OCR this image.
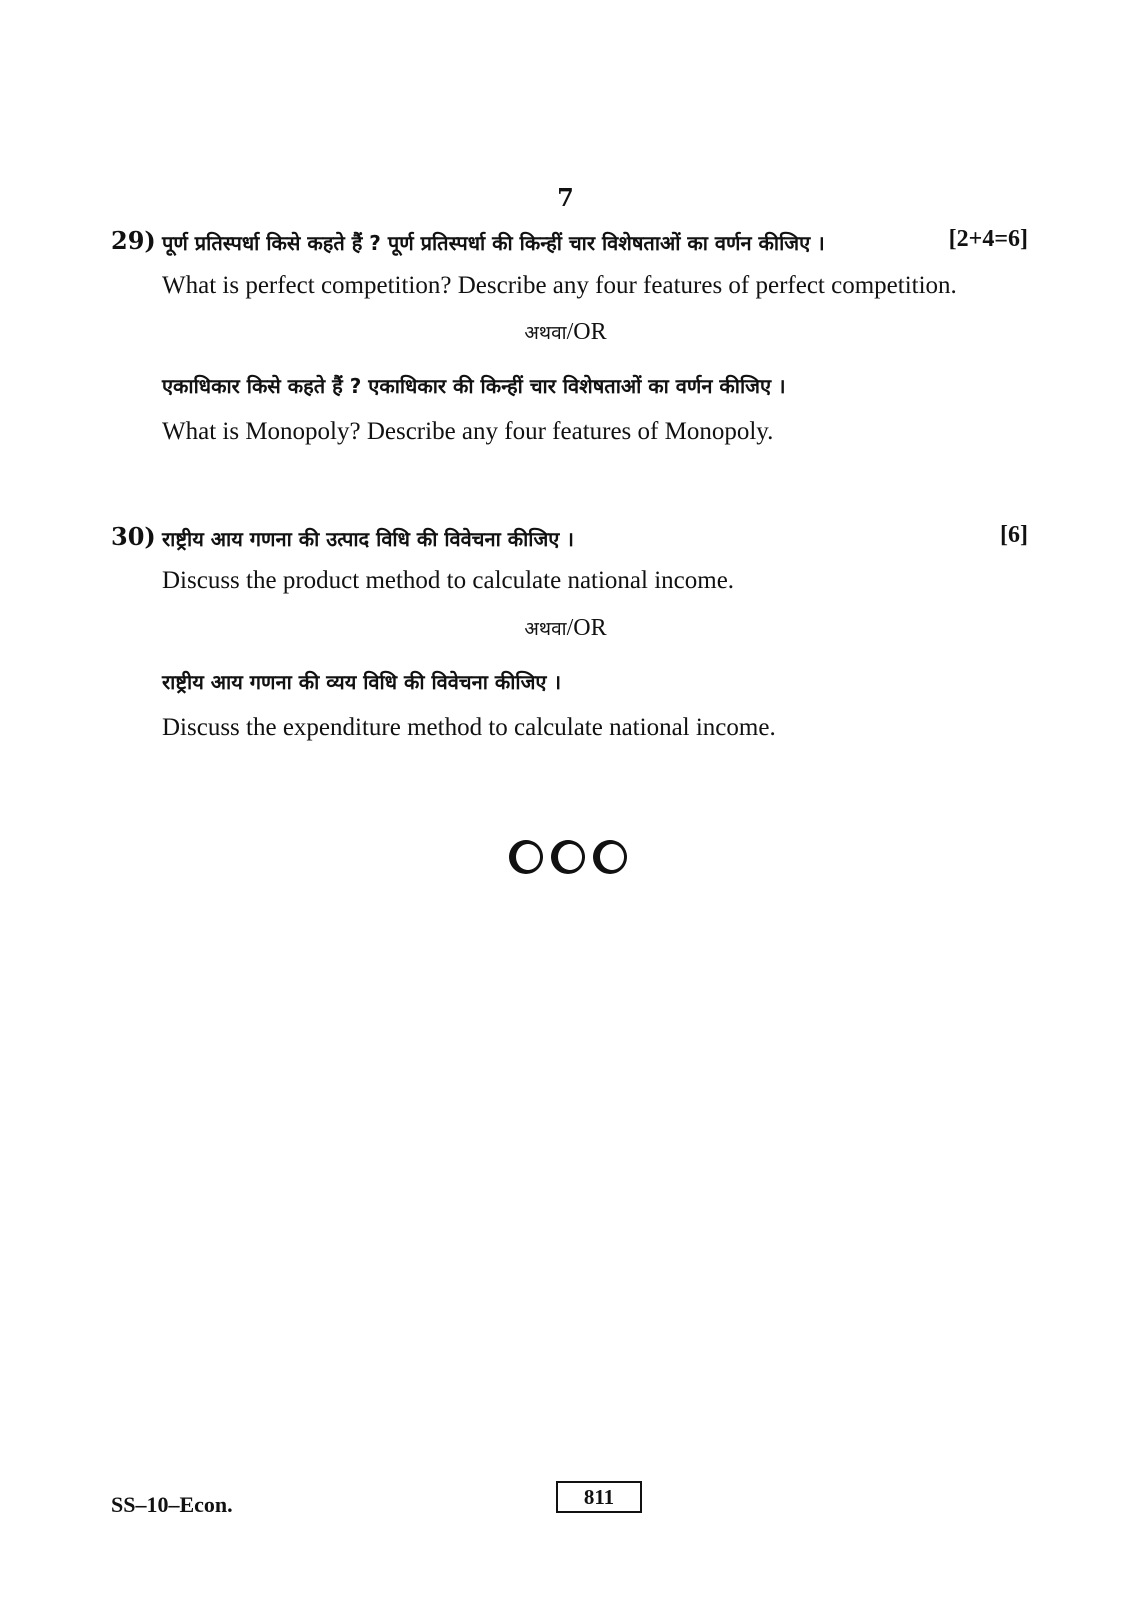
7
29) पूर्ण प्रतिस्पर्धा किसे कहते हैं ? पूर्ण प्रतिस्पर्धा की किन्हीं चार विशेषताओं का वर्णन कीजिए ।	[2+4=6]
What is perfect competition? Describe any four features of perfect competition.
अथवा/OR
एकाधिकार किसे कहते हैं ? एकाधिकार की किन्हीं चार विशेषताओं का वर्णन कीजिए ।
What is Monopoly? Describe any four features of Monopoly.
30) राष्ट्रीय आय गणना की उत्पाद विधि की विवेचना कीजिए ।	[6]
Discuss the product method to calculate national income.
अथवा/OR
राष्ट्रीय आय गणना की व्यय विधि की विवेचना कीजिए ।
Discuss the expenditure method to calculate national income.
SS–10–Econ.	811
